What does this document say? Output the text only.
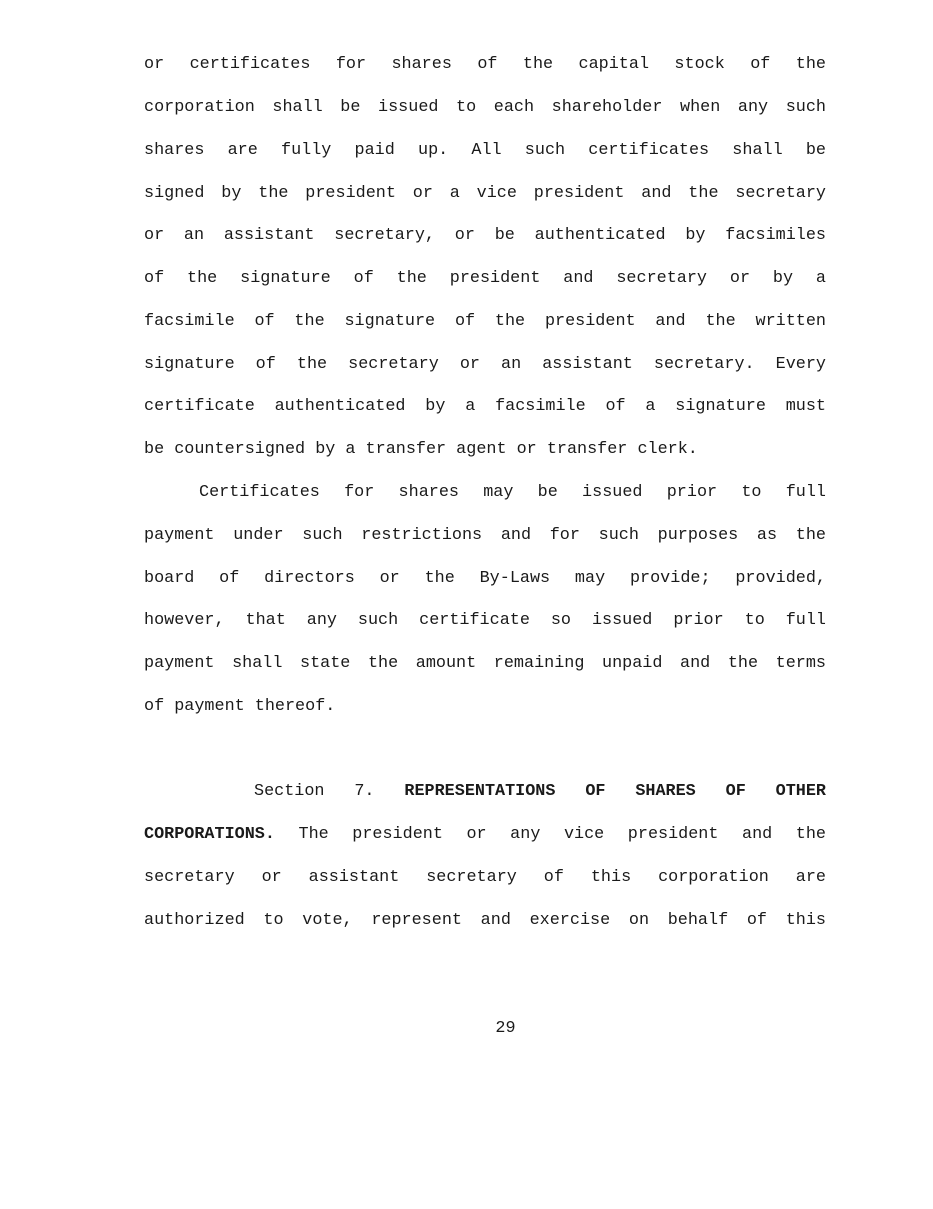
or certificates for shares of the capital stock of the
corporation shall be issued to each shareholder when any such
shares are fully paid up. All such certificates shall be
signed by the president or a vice president and the secretary
or an assistant secretary, or be authenticated by facsimiles
of the signature of the president and secretary or by a
facsimile of the signature of the president and the written
signature of the secretary or an assistant secretary. Every
certificate authenticated by a facsimile of a signature must
be countersigned by a transfer agent or transfer clerk.
Certificates for shares may be issued prior to full
payment under such restrictions and for such purposes as the
board of directors or the By-Laws may provide; provided,
however, that any such certificate so issued prior to full
payment shall state the amount remaining unpaid and the terms
of payment thereof.
Section 7. REPRESENTATIONS OF SHARES OF OTHER
CORPORATIONS. The president or any vice president and the
secretary or assistant secretary of this corporation are
authorized to vote, represent and exercise on behalf of this
29
